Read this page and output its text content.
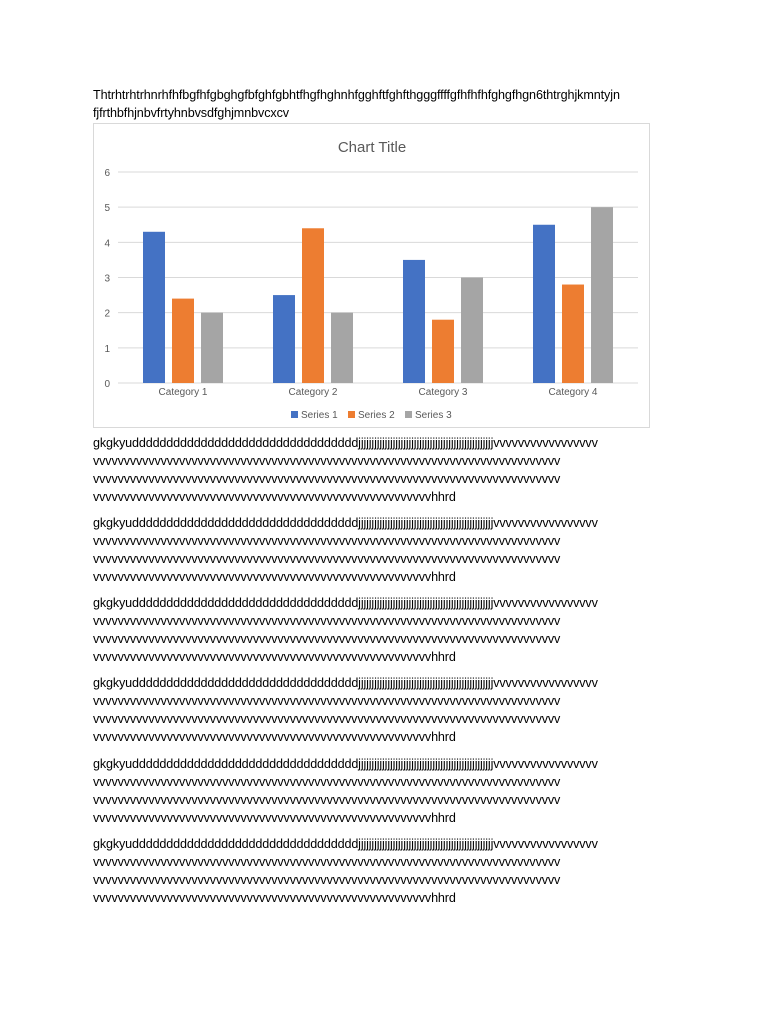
Thtrhtrhtrhnrhfhfbgfhfgbghgfbfghfgbhtfhgfhghnhfgghftfghfthgggffffgfhfhfhfghgfhgn6thtrghjkmntyjn
fjfrthbfhjnbvfrtyhnbvsdfghjmnbvcxcv
Chart Title
0
1
2
3
4
5
6
Category 1	Category 2	Category 3	Category 4
Series 1 Series 2 Series 3
gkgkyudddddddddddddddddddddddddddddddddjjjjjjjjjjjjjjjjjjjjjjjjjjjjjjjjjjjjjjjjjjjjjjjjjjjvvvvvvvvvvvvvvvvv
vvvvvvvvvvvvvvvvvvvvvvvvvvvvvvvvvvvvvvvvvvvvvvvvvvvvvvvvvvvvvvvvvvvvvvvvvvvv
vvvvvvvvvvvvvvvvvvvvvvvvvvvvvvvvvvvvvvvvvvvvvvvvvvvvvvvvvvvvvvvvvvvvvvvvvvvv
vvvvvvvvvvvvvvvvvvvvvvvvvvvvvvvvvvvvvvvvvvvvvvvvvvvvvvvhhrd
gkgkyudddddddddddddddddddddddddddddddddjjjjjjjjjjjjjjjjjjjjjjjjjjjjjjjjjjjjjjjjjjjjjjjjjjjvvvvvvvvvvvvvvvvv
vvvvvvvvvvvvvvvvvvvvvvvvvvvvvvvvvvvvvvvvvvvvvvvvvvvvvvvvvvvvvvvvvvvvvvvvvvvv
vvvvvvvvvvvvvvvvvvvvvvvvvvvvvvvvvvvvvvvvvvvvvvvvvvvvvvvvvvvvvvvvvvvvvvvvvvvv
vvvvvvvvvvvvvvvvvvvvvvvvvvvvvvvvvvvvvvvvvvvvvvvvvvvvvvvhhrd
gkgkyudddddddddddddddddddddddddddddddddjjjjjjjjjjjjjjjjjjjjjjjjjjjjjjjjjjjjjjjjjjjjjjjjjjjvvvvvvvvvvvvvvvvv
vvvvvvvvvvvvvvvvvvvvvvvvvvvvvvvvvvvvvvvvvvvvvvvvvvvvvvvvvvvvvvvvvvvvvvvvvvvv
vvvvvvvvvvvvvvvvvvvvvvvvvvvvvvvvvvvvvvvvvvvvvvvvvvvvvvvvvvvvvvvvvvvvvvvvvvvv
vvvvvvvvvvvvvvvvvvvvvvvvvvvvvvvvvvvvvvvvvvvvvvvvvvvvvvvhhrd
gkgkyudddddddddddddddddddddddddddddddddjjjjjjjjjjjjjjjjjjjjjjjjjjjjjjjjjjjjjjjjjjjjjjjjjjjvvvvvvvvvvvvvvvvv
vvvvvvvvvvvvvvvvvvvvvvvvvvvvvvvvvvvvvvvvvvvvvvvvvvvvvvvvvvvvvvvvvvvvvvvvvvvv
vvvvvvvvvvvvvvvvvvvvvvvvvvvvvvvvvvvvvvvvvvvvvvvvvvvvvvvvvvvvvvvvvvvvvvvvvvvv
vvvvvvvvvvvvvvvvvvvvvvvvvvvvvvvvvvvvvvvvvvvvvvvvvvvvvvvhhrd
gkgkyudddddddddddddddddddddddddddddddddjjjjjjjjjjjjjjjjjjjjjjjjjjjjjjjjjjjjjjjjjjjjjjjjjjjvvvvvvvvvvvvvvvvv
vvvvvvvvvvvvvvvvvvvvvvvvvvvvvvvvvvvvvvvvvvvvvvvvvvvvvvvvvvvvvvvvvvvvvvvvvvvv
vvvvvvvvvvvvvvvvvvvvvvvvvvvvvvvvvvvvvvvvvvvvvvvvvvvvvvvvvvvvvvvvvvvvvvvvvvvv
vvvvvvvvvvvvvvvvvvvvvvvvvvvvvvvvvvvvvvvvvvvvvvvvvvvvvvvhhrd
gkgkyudddddddddddddddddddddddddddddddddjjjjjjjjjjjjjjjjjjjjjjjjjjjjjjjjjjjjjjjjjjjjjjjjjjjvvvvvvvvvvvvvvvvv
vvvvvvvvvvvvvvvvvvvvvvvvvvvvvvvvvvvvvvvvvvvvvvvvvvvvvvvvvvvvvvvvvvvvvvvvvvvv
vvvvvvvvvvvvvvvvvvvvvvvvvvvvvvvvvvvvvvvvvvvvvvvvvvvvvvvvvvvvvvvvvvvvvvvvvvvv
vvvvvvvvvvvvvvvvvvvvvvvvvvvvvvvvvvvvvvvvvvvvvvvvvvvvvvvhhrd
